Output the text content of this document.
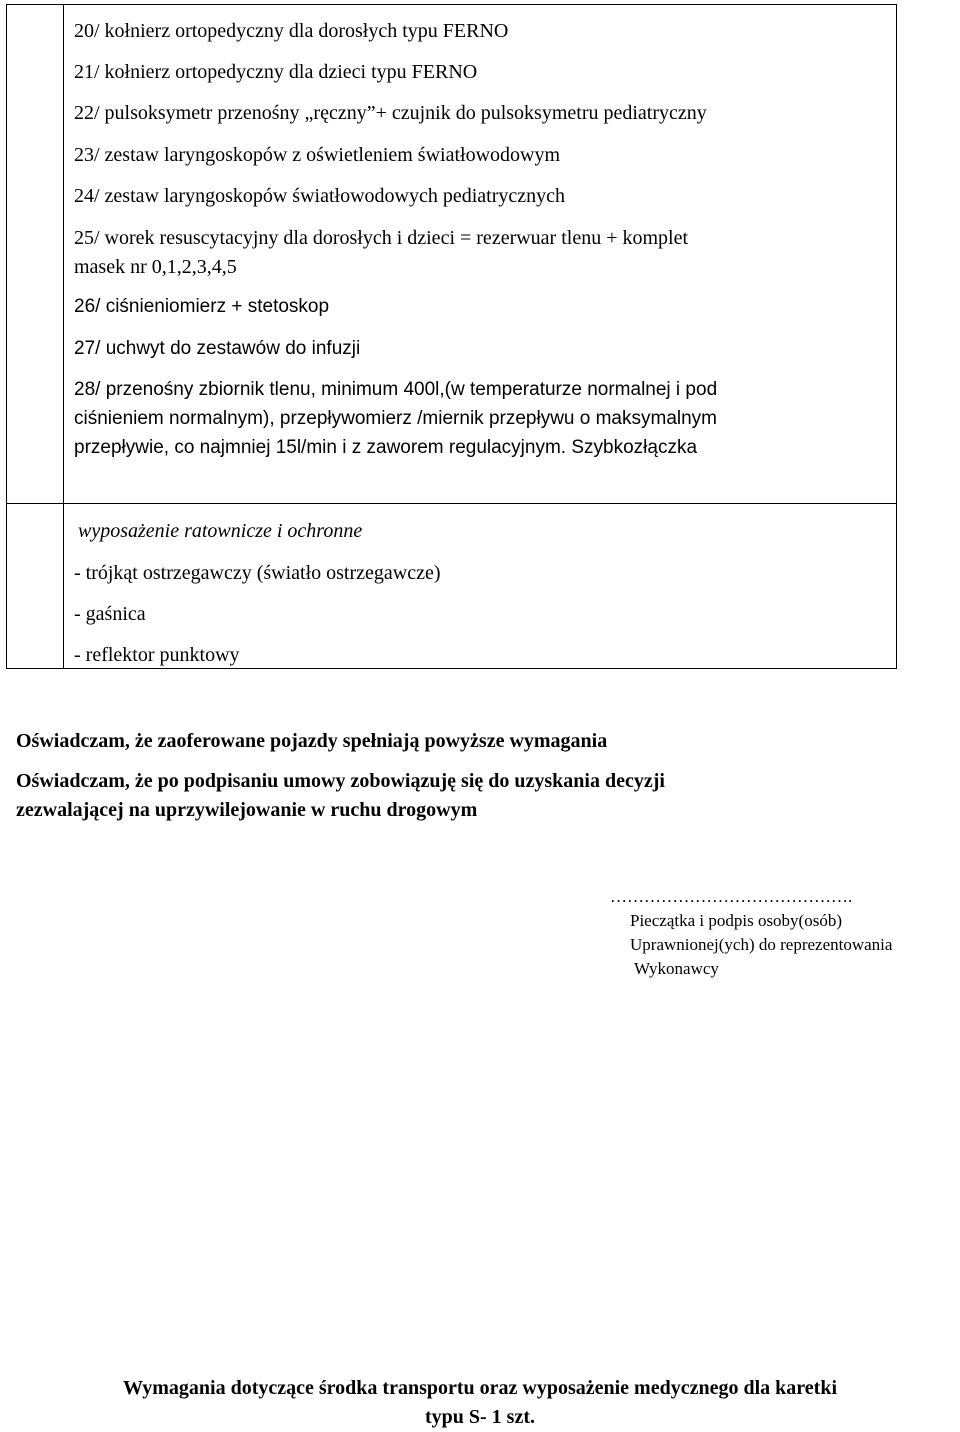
20/ kołnierz ortopedyczny dla dorosłych typu FERNO
21/ kołnierz ortopedyczny dla dzieci typu FERNO
22/ pulsoksymetr przenośny „ręczny”+ czujnik do pulsoksymetru pediatryczny
23/ zestaw laryngoskopów z oświetleniem światłowodowym
24/ zestaw laryngoskopów światłowodowych pediatrycznych
25/ worek resuscytacyjny dla dorosłych i dzieci = rezerwuar tlenu + komplet
masek nr 0,1,2,3,4,5
26/ ciśnieniomierz + stetoskop
27/ uchwyt do zestawów do infuzji
28/ przenośny zbiornik tlenu, minimum 400l,(w temperaturze normalnej i pod
ciśnieniem normalnym), przepływomierz /miernik przepływu o maksymalnym
przepływie, co najmniej 15l/min i z zaworem regulacyjnym. Szybkozłączka
wyposażenie ratownicze i ochronne
- trójkąt ostrzegawczy (światło ostrzegawcze)
- gaśnica
- reflektor punktowy
Oświadczam, że zaoferowane pojazdy spełniają powyższe wymagania
Oświadczam, że po podpisaniu umowy zobowiązuję się do uzyskania decyzji
zezwalającej na uprzywilejowanie w ruchu drogowym
…………………………………….
Pieczątka i podpis osoby(osób)
Uprawnionej(ych) do reprezentowania
Wykonawcy
Wymagania dotyczące środka transportu oraz wyposażenie medycznego dla karetki
typu S- 1 szt.
